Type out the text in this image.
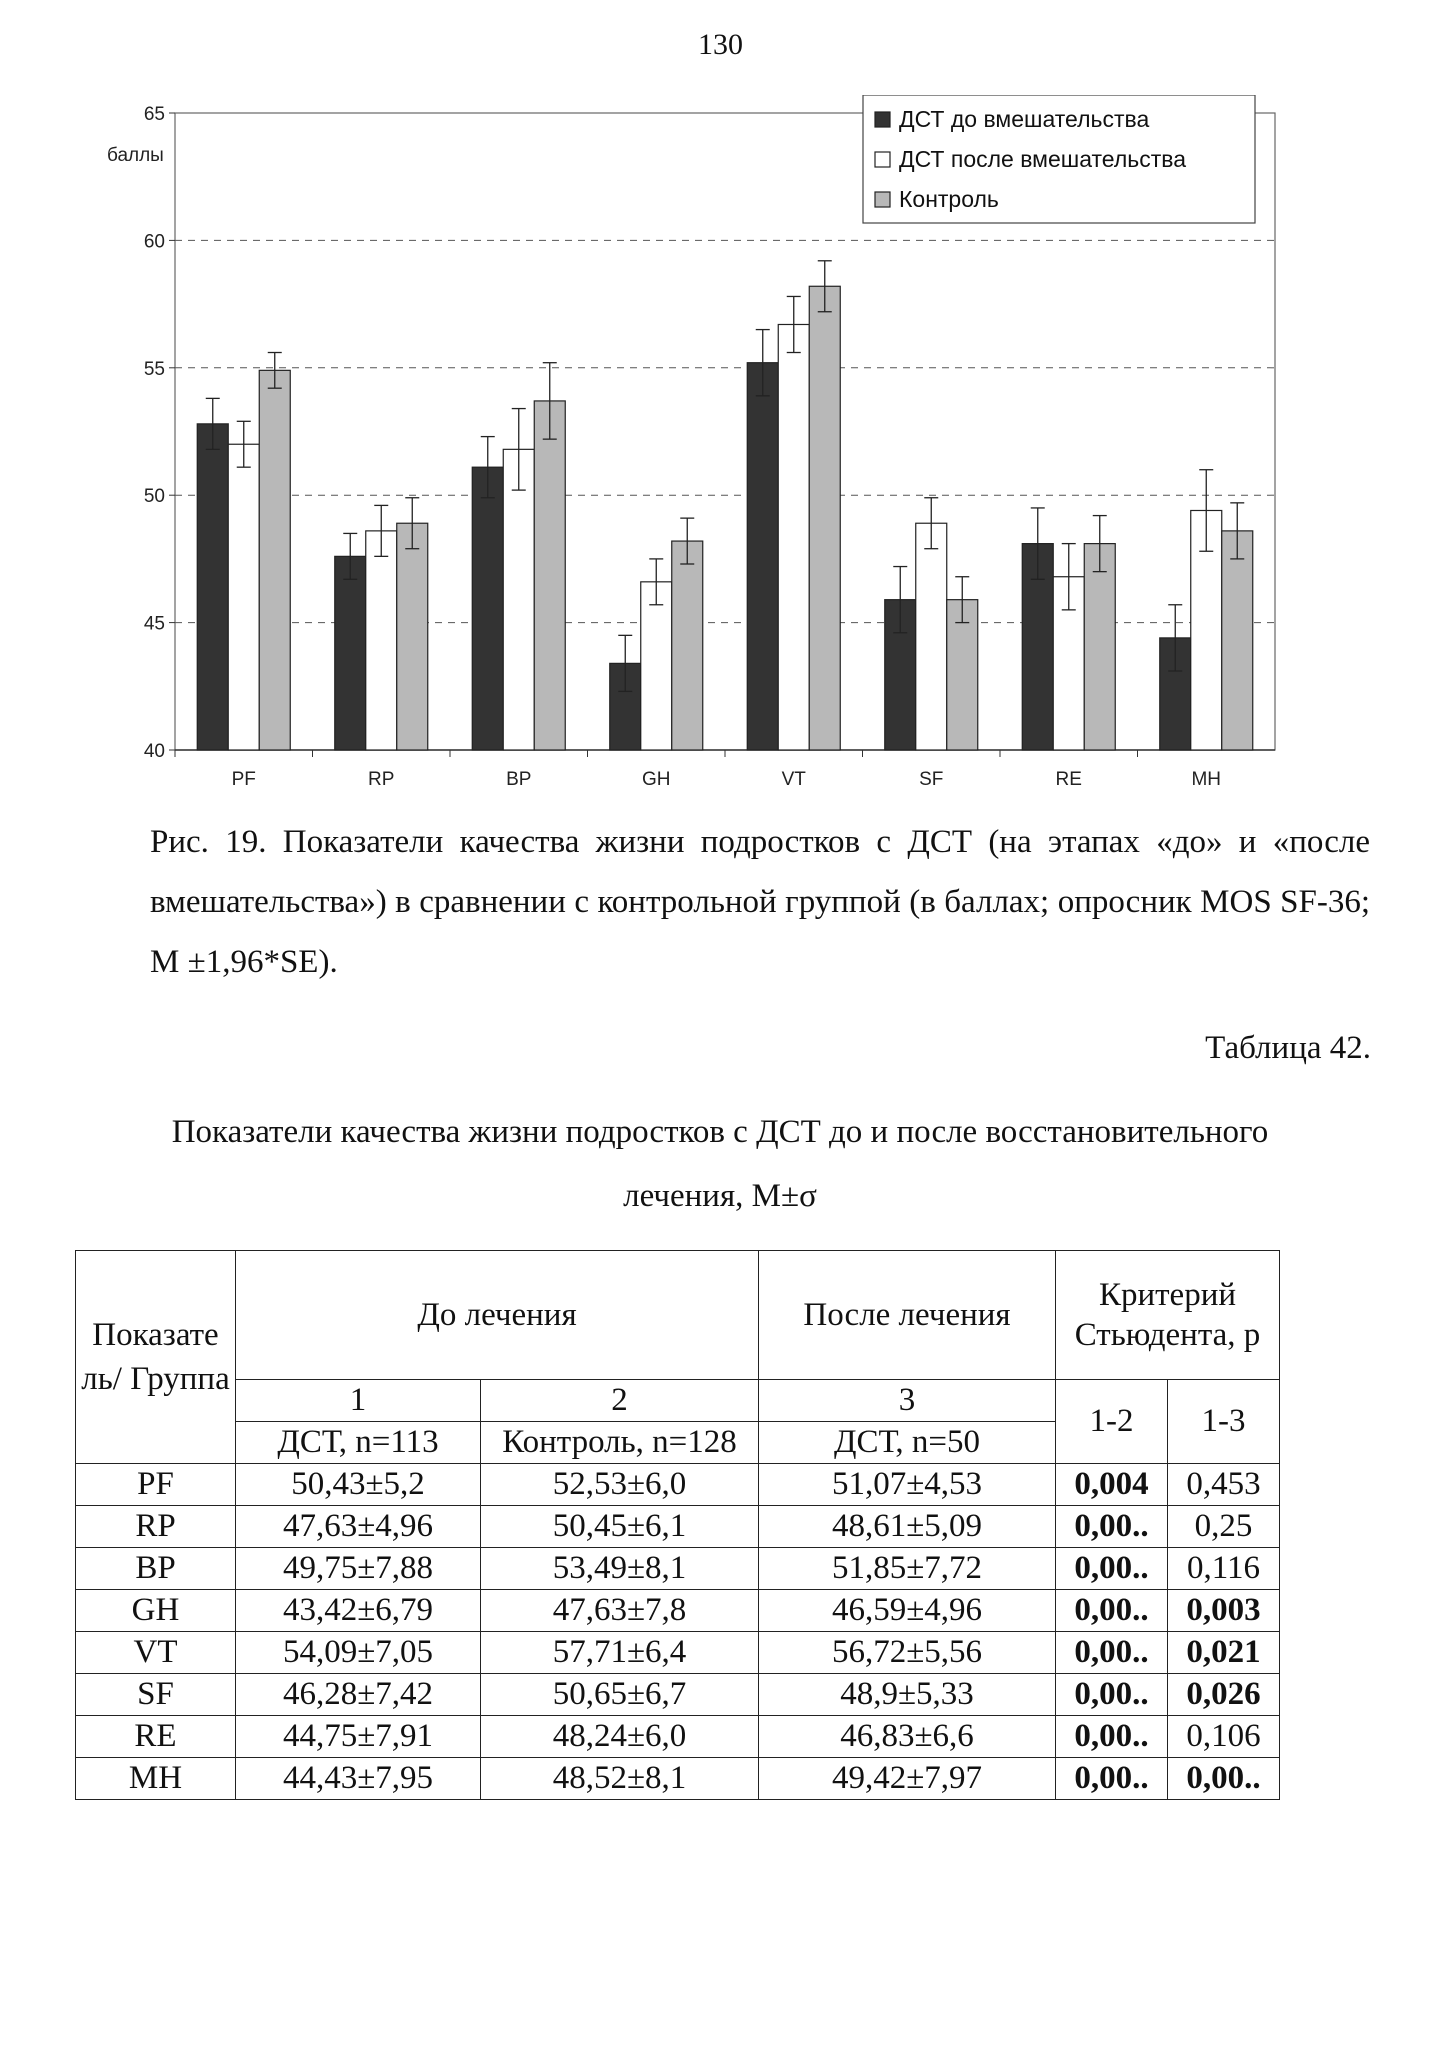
130
40
45
50
55
60
65
PF	RP	BP	GH	VT	SF	RE	MH
баллы
ДСТ до вмешательства
ДСТ после вмешательства
Контроль
Рис. 19. Показатели качества жизни подростков с ДСТ (на этапах «до» и «после вмешательства») в сравнении с контрольной группой (в баллах; опросник MOS SF-36; M ±1,96*SE).
Таблица 42.
Показатели качества жизни подростков с ДСТ до и после восстановительного
лечения, M±σ
Показате ль/ Группа	До лечения		После лечения	Критерий Стьюдента, p	
	1	2	3	1-2	1-3
	ДСТ, n=113	Контроль, n=128	ДСТ, n=50		
PF	50,43±5,2	52,53±6,0	51,07±4,53	0,004	0,453
RP	47,63±4,96	50,45±6,1	48,61±5,09	0,00..	0,25
BP	49,75±7,88	53,49±8,1	51,85±7,72	0,00..	0,116
GH	43,42±6,79	47,63±7,8	46,59±4,96	0,00..	0,003
VT	54,09±7,05	57,71±6,4	56,72±5,56	0,00..	0,021
SF	46,28±7,42	50,65±6,7	48,9±5,33	0,00..	0,026
RE	44,75±7,91	48,24±6,0	46,83±6,6	0,00..	0,106
MH	44,43±7,95	48,52±8,1	49,42±7,97	0,00..	0,00..
